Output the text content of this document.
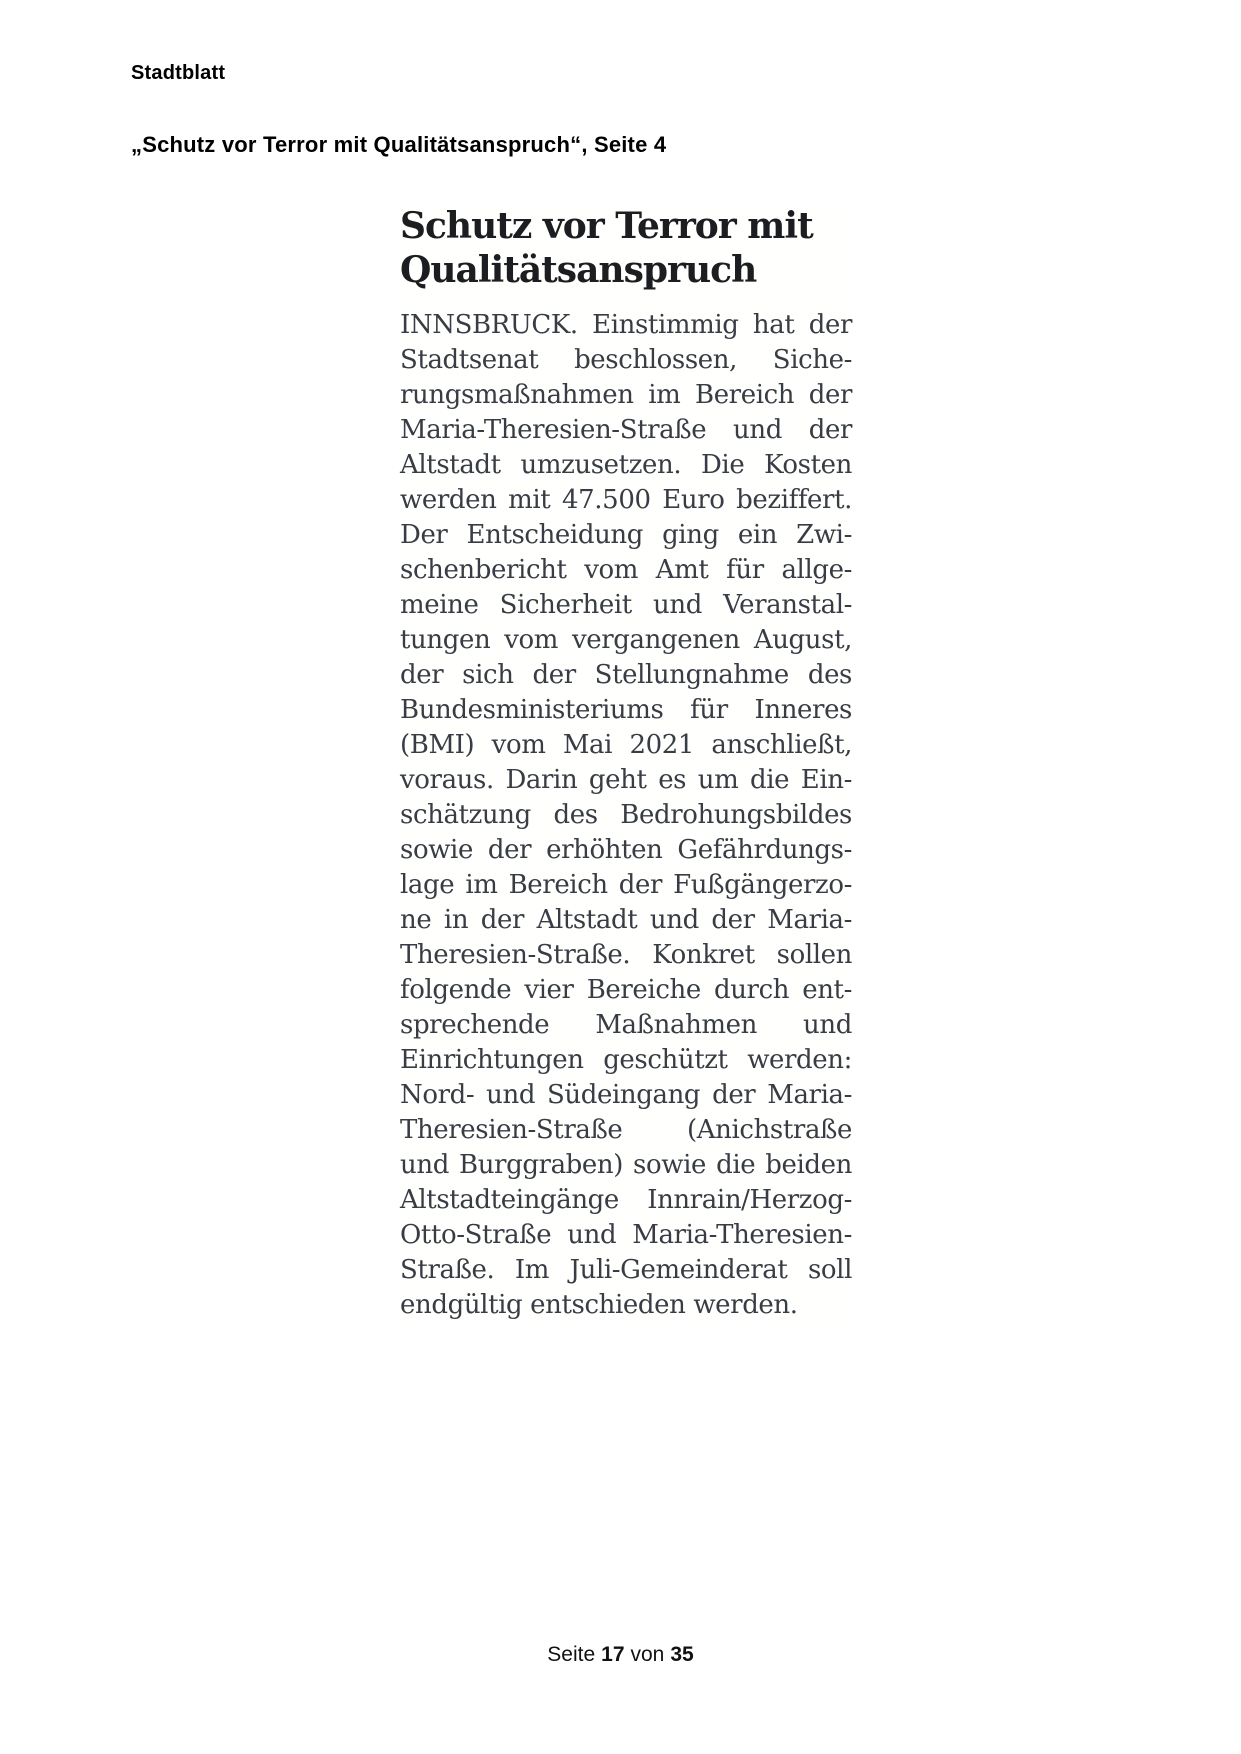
Stadtblatt
„Schutz vor Terror mit Qualitätsanspruch“, Seite 4
Schutz vor Terror mit
Qualitätsanspruch
INNSBRUCK. Einstimmig hat der
Stadtsenat beschlossen, Siche-
rungsmaßnahmen im Bereich der
Maria-Theresien-Straße und der
Altstadt umzusetzen. Die Kosten
werden mit 47.500 Euro beziffert.
Der Entscheidung ging ein Zwi-
schenbericht vom Amt für allge-
meine Sicherheit und Veranstal-
tungen vom vergangenen August,
der sich der Stellungnahme des
Bundesministeriums für Inneres
(BMI) vom Mai 2021 anschließt,
voraus. Darin geht es um die Ein-
schätzung des Bedrohungsbildes
sowie der erhöhten Gefährdungs-
lage im Bereich der Fußgängerzo-
ne in der Altstadt und der Maria-
Theresien-Straße. Konkret sollen
folgende vier Bereiche durch ent-
sprechende Maßnahmen und
Einrichtungen geschützt werden:
Nord- und Südeingang der Maria-
Theresien-Straße (Anichstraße
und Burggraben) sowie die beiden
Altstadteingänge Innrain/Herzog-
Otto-Straße und Maria-Theresien-
Straße. Im Juli-Gemeinderat soll
endgültig entschieden werden.
Seite 17 von 35
